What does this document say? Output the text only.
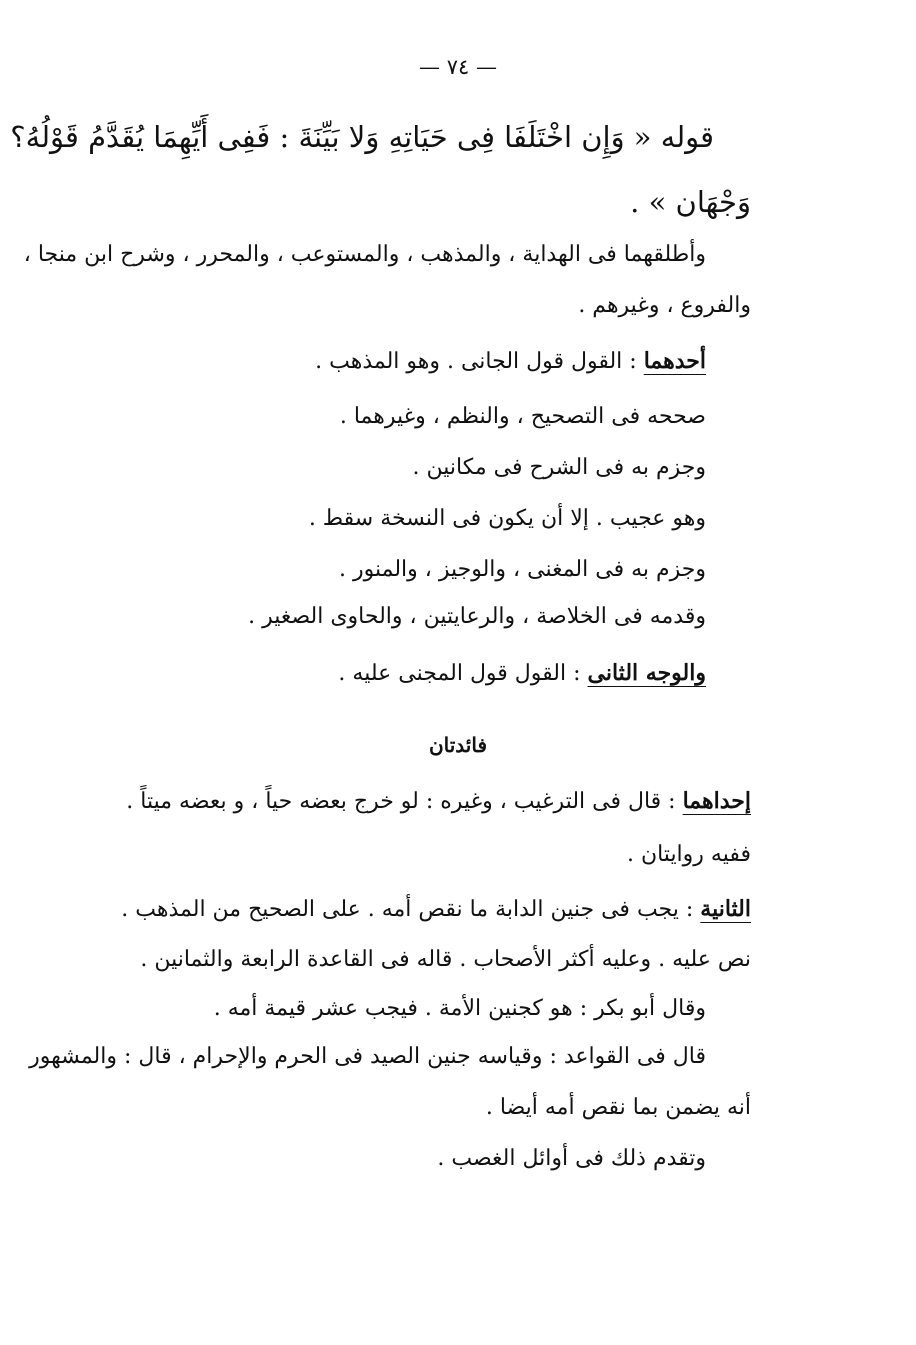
— ٧٤ —
قوله « وَإِن اخْتَلَفَا فِى حَيَاتِهِ وَلا بَيِّنَةَ : فَفِى أَيِّهِمَا يُقَدَّمُ قَوْلُهُ؟
وَجْهَان » .
وأطلقهما فى الهداية ، والمذهب ، والمستوعب ، والمحرر ، وشرح ابن منجا ،
والفروع ، وغيرهم .
أحدهما : القول قول الجانى . وهو المذهب .
صححه فى التصحيح ، والنظم ، وغيرهما .
وجزم به فى الشرح فى مكانين .
وهو عجيب . إلا أن يكون فى النسخة سقط .
وجزم به فى المغنى ، والوجيز ، والمنور .
وقدمه فى الخلاصة ، والرعايتين ، والحاوى الصغير .
والوجه الثانى : القول قول المجنى عليه .
فائدتان
إحداهما : قال فى الترغيب ، وغيره : لو خرج بعضه حياً ، و بعضه ميتاً .
ففيه روايتان .
الثانية : يجب فى جنين الدابة ما نقص أمه . على الصحيح من المذهب .
نص عليه . وعليه أكثر الأصحاب . قاله فى القاعدة الرابعة والثمانين .
وقال أبو بكر : هو كجنين الأمة . فيجب عشر قيمة أمه .
قال فى القواعد : وقياسه جنين الصيد فى الحرم والإحرام ، قال : والمشهور
أنه يضمن بما نقص أمه أيضا .
وتقدم ذلك فى أوائل الغصب .
